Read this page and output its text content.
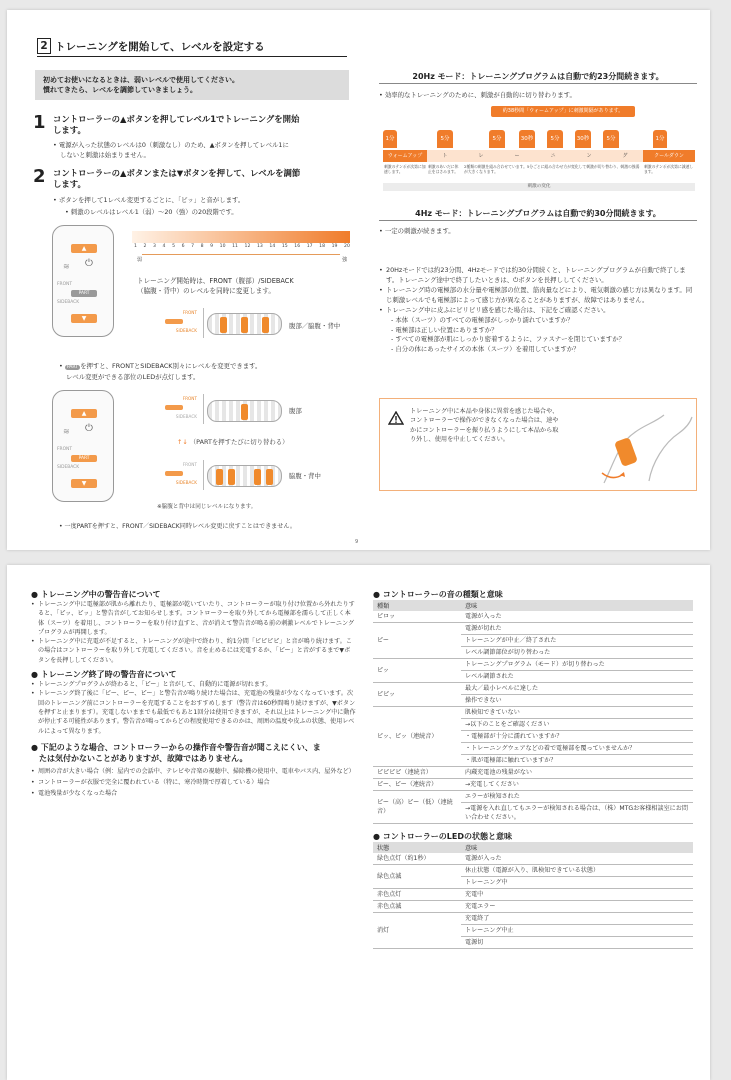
2 トレーニングを開始して、レベルを設定する
初めてお使いになるときは、弱いレベルで使用してください。
慣れてきたら、レベルを調節していきましょう。
1 コントローラーの▲ボタンを押してレベル1でトレーニングを開始
します。
• 電源が入った状態のレベルは0（刺激なし）のため、▲ボタンを押してレベル1に
しないと刺激は始まりません。
2 コントローラーの▲ボタンまたは▼ボタンを押して、レベルを調節
します。
• ボタンを押して1レベル変更するごとに、「ピッ」と音がします。
• 刺激のレベルはレベル1（弱）〜20（強）の20段階です。
▲
≋ ⏻
FRONT
PART
SIDEBACK
▼
1 2 3 4 5 6 7 8 9 10 11 12 13 14 15 16 17 18 19 20
弱	強
トレーニング開始時は、FRONT（腹部）/SIDEBACK
（脇腹・背中）のレベルを同時に変更します。
FRONT
SIDEBACK
腹部／脇腹・背中
• PART を押すと、FRONTとSIDEBACK別々にレベルを変更できます。
レベル変更ができる部位のLEDが点灯します。
▲
≋ ⏻
FRONT
PART
SIDEBACK
▼
FRONT
SIDEBACK
腹部
↑↓ （PARTを押すたびに切り替わる）
FRONT
SIDEBACK
脇腹・背中
※脇腹と背中は同じレベルになります。
• 一度PARTを押すと、FRONT／SIDEBACK同時レベル変更に戻すことはできません。
9
20Hz モード：トレーニングプログラムは自動で約23分間続きます。
• 効率的なトレーニングのために、刺激が自動的に切り替わります。
約38秒間「ウォームアップ」に刺激間隔があります。
1分	5分	5分	30秒	5分	30秒	5分	1分
ウォームアップ	ト	レ	ー	ニ	ン	グ	クールダウン
刺激のテンポが次第に加速します。
刺激のあいだに休止をはさみます。
2種類の刺激を組み合わせています。5分ごとに組み合わせ方が変化して刺激が切り替わり、刺激の強弱が大きくなります。
刺激のテンポが次第に減速します。
刺激の変化
4Hz モード：トレーニングプログラムは自動で約30分間続きます。
• 一定の刺激が続きます。
• 20Hzモードでは約23分間、4Hzモードでは約30分間続くと、トレーニングプログラムが自動で終了します。トレーニング途中で終了したいときは、⏻ボタンを長押ししてください。
• トレーニング時の電極部の水分量や電極部の位置、筋肉量などにより、電気刺激の感じ方は異なります。同じ刺激レベルでも電極部によって感じ方が異なることがありますが、故障ではありません。
• トレーニング中に皮ふにピリピリ感を感じた場合は、下記をご確認ください。
- 本体（スーツ）のすべての電極部がしっかり濡れていますか？
- 電極部は正しい位置にありますか？
- すべての電極部が肌にしっかり密着するように、ファスナーを閉じていますか？
- 自分の体にあったサイズの本体（スーツ）を着用していますか？
トレーニング中に本品や身体に異常を感じた場合や、コントローラーで操作ができなくなった場合は、速やかにコントローラーを振り払うようにして本品から取り外し、使用を中止してください。
● トレーニング中の警告音について
• トレーニング中に電極部が肌から離れたり、電極部が乾いていたり、コントローラーが取り付け位置から外れたりすると、「ピッ、ピッ」と警告音がしてお知らせします。コントローラーを取り外してから電極部を濡らして正しく本体（スーツ）を着用し、コントローラーを取り付け直すと、音が消えて警告音が鳴る前の刺激レベルでトレーニングプログラムが再開します。
• トレーニング中に充電が不足すると、トレーニングが途中で終わり、約1分間「ピピピピ」と音が鳴り続けます。この場合はコントローラーを取り外して充電してください。音を止めるには充電するか、「ピー」と音がするまで▼ボタンを長押ししてください。
● トレーニング終了時の警告音について
• トレーニングプログラムが終わると、「ピー」と音がして、自動的に電源が切れます。
• トレーニング終了後に「ピー、ピー、ピー」と警告音が鳴り続けた場合は、充電池の残量が少なくなっています。次回のトレーニング前にコントローラーを充電することをおすすめします（警告音は60秒間鳴り続けますが、▼ボタンを押すと止まります）。充電しないままでも最低でもあと1回分は使用できますが、それ以上はトレーニング中に動作が停止する可能性があります。警告音が鳴ってからどの程度使用できるのかは、周囲の温度や皮ふの状態、使用レベルによって異なります。
● 下記のような場合、コントローラーからの操作音や警告音が聞こえにくい、ま
たは気付かないことがありますが、故障ではありません。
• 周囲の音が大きい場合（例：屋内での会話中、テレビや音楽の視聴中、掃除機の使用中、電車やバス内、屋外など）
• コントローラーが衣服で完全に覆われている（特に、寒冷時期で厚着している）場合
• 電池残量が少なくなった場合
● コントローラーの音の種類と意味
種類	意味
ピロッ	電源が入った
ピー	電源が切れた
	トレーニングが中止／終了された
	レベル調節部位が切り替わった
ピッ	トレーニングプログラム（モード）が切り替わった
	レベル調節された
ピピッ	最大／最小レベルに達した
	操作できない
ピッ、ピッ（連続音）	肌検知できていない
	→以下のことをご確認ください
	・電極部が十分に濡れていますか？
	・トレーニングウェアなどの着で電極部を覆っていませんか？
	・肌が電極部に触れていますか？
ピピピピ（連続音）	内蔵充電池の残量がない
ピー、ピー（連続音）	→充電してください
ピー（高）ピー（低）（連続音）	エラーが検知された
	→電源を入れ直してもエラーが検知される場合は、（株）MTGお客様相談室にお問い合わせください。
● コントローラーのLEDの状態と意味
状態	意味
緑色点灯（約1秒）	電源が入った
緑色点滅	休止状態（電源が入り、肌検知できている状態）
	トレーニング中
赤色点灯	充電中
赤色点滅	充電エラー
消灯	充電終了
	トレーニング中止
	電源切
